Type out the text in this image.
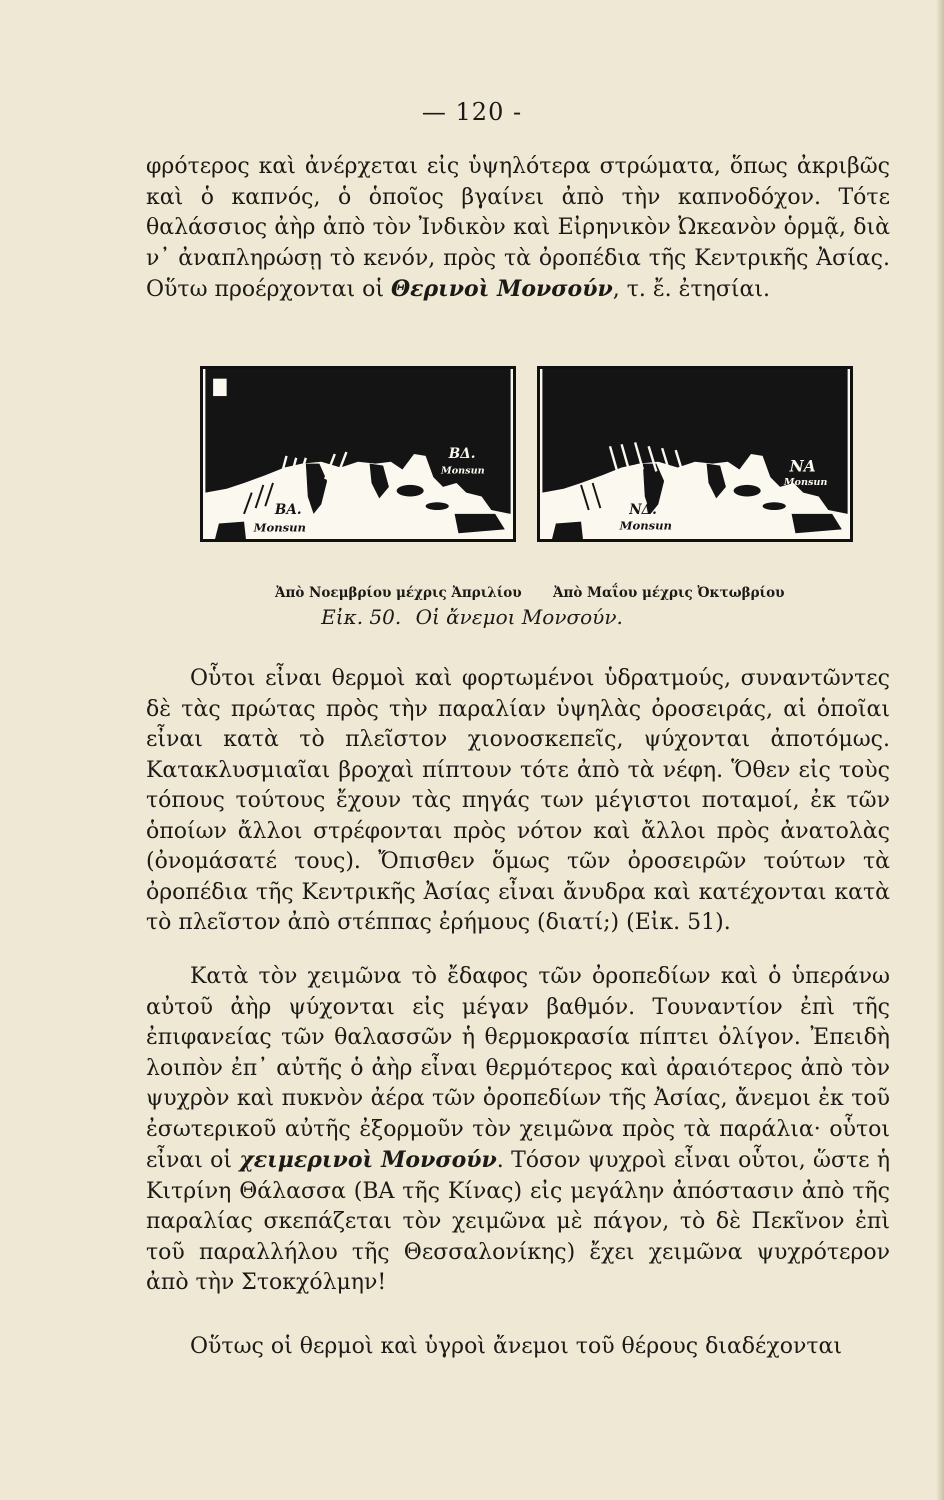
— 120 -

φρότερος καὶ ἀνέρχεται εἰς ὑψηλότερα στρώματα, ὅπως ἀκριβῶς καὶ ὁ καπνός, ὁ ὁποῖος βγαίνει ἀπὸ τὴν καπνοδόχον. Τότε θαλάσσιος ἀὴρ ἀπὸ τὸν Ἰνδικὸν καὶ Εἰρηνικὸν Ὠκεανὸν ὁρμᾷ, διὰ ν᾿ ἀναπληρώσῃ τὸ κενόν, πρὸς τὰ ὀροπέδια τῆς Κεντρικῆς Ἀσίας. Οὕτω προέρχονται οἱ Θερινοὶ Μονσούν, τ. ἔ. ἐτησίαι.

ΒΔ.
Monsun
ΒΑ.
Monsun
ΝΑ
Monsun
ΝΔ.
Monsun
Ἀπὸ Νοεμβρίου μέχρις Ἀπριλίου Ἀπὸ Μαΐου μέχρις Ὀκτωβρίου
Εἰκ. 50. Οἱ ἄνεμοι Μονσούν.

Οὗτοι εἶναι θερμοὶ καὶ φορτωμένοι ὑδρατμούς, συναντῶντες δὲ τὰς πρώτας πρὸς τὴν παραλίαν ὑψηλὰς ὀροσειράς, αἱ ὁποῖαι εἶναι κατὰ τὸ πλεῖστον χιονοσκεπεῖς, ψύχονται ἀποτόμως. Κατακλυσμιαῖαι βροχαὶ πίπτουν τότε ἀπὸ τὰ νέφη. Ὅθεν εἰς τοὺς τόπους τούτους ἔχουν τὰς πηγάς των μέγιστοι ποταμοί, ἐκ τῶν ὁποίων ἄλλοι στρέφονται πρὸς νότον καὶ ἄλλοι πρὸς ἀνατολὰς (ὀνομάσατέ τους). Ὄπισθεν ὅμως τῶν ὀροσειρῶν τούτων τὰ ὀροπέδια τῆς Κεντρικῆς Ἀσίας εἶναι ἄνυδρα καὶ κατέχονται κατὰ τὸ πλεῖστον ἀπὸ στέππας ἐρήμους (διατί;) (Εἰκ. 51).

Κατὰ τὸν χειμῶνα τὸ ἔδαφος τῶν ὀροπεδίων καὶ ὁ ὑπεράνω αὐτοῦ ἀὴρ ψύχονται εἰς μέγαν βαθμόν. Τουναντίον ἐπὶ τῆς ἐπιφανείας τῶν θαλασσῶν ἡ θερμοκρασία πίπτει ὀλίγον. Ἐπειδὴ λοιπὸν ἐπ᾿ αὐτῆς ὁ ἀὴρ εἶναι θερμότερος καὶ ἀραιότερος ἀπὸ τὸν ψυχρὸν καὶ πυκνὸν ἀέρα τῶν ὀροπεδίων τῆς Ἀσίας, ἄνεμοι ἐκ τοῦ ἐσωτερικοῦ αὐτῆς ἐξορμοῦν τὸν χειμῶνα πρὸς τὰ παράλια· οὗτοι εἶναι οἱ χειμερινοὶ Μονσούν. Τόσον ψυχροὶ εἶναι οὗτοι, ὥστε ἡ Κιτρίνη Θάλασσα (ΒΑ τῆς Κίνας) εἰς μεγάλην ἀπόστασιν ἀπὸ τῆς παραλίας σκεπάζεται τὸν χειμῶνα μὲ πάγον, τὸ δὲ Πεκῖνον ἐπὶ τοῦ παραλλήλου τῆς Θεσσαλονίκης) ἔχει χειμῶνα ψυχρότερον ἀπὸ τὴν Στοκχόλμην!

Οὕτως οἱ θερμοὶ καὶ ὑγροὶ ἄνεμοι τοῦ θέρους διαδέχονται
